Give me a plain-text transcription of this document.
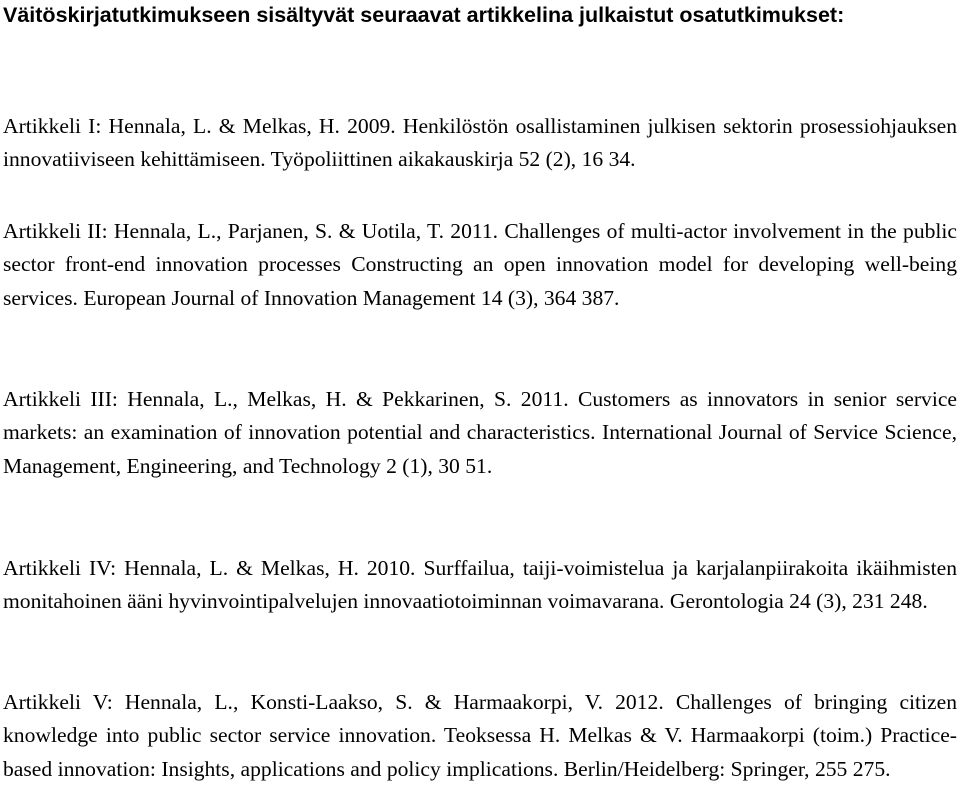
Väitöskirjatutkimukseen sisältyvät seuraavat artikkelina julkaistut osatutkimukset:

Artikkeli I: Hennala, L. & Melkas, H. 2009. Henkilöstön osallistaminen julkisen sektorin prosessiohjauksen innovatiiviseen kehittämiseen. Työpoliittinen aikakauskirja 52 (2), 16 34.

Artikkeli II: Hennala, L., Parjanen, S. & Uotila, T. 2011. Challenges of multi-actor involvement in the public sector front-end innovation processes Constructing an open innovation model for developing well-being services. European Journal of Innovation Management 14 (3), 364 387.

Artikkeli III: Hennala, L., Melkas, H. & Pekkarinen, S. 2011. Customers as innovators in senior service markets: an examination of innovation potential and characteristics. International Journal of Service Science, Management, Engineering, and Technology 2 (1), 30 51.

Artikkeli IV: Hennala, L. & Melkas, H. 2010. Surffailua, taiji-voimistelua ja karjalanpiirakoita ikäihmisten monitahoinen ääni hyvinvointipalvelujen innovaatiotoiminnan voimavarana. Gerontologia 24 (3), 231 248.

Artikkeli V: Hennala, L., Konsti-Laakso, S. & Harmaakorpi, V. 2012. Challenges of bringing citizen knowledge into public sector service innovation. Teoksessa H. Melkas & V. Harmaakorpi (toim.) Practice-based innovation: Insights, applications and policy implications. Berlin/Heidelberg: Springer, 255 275.
